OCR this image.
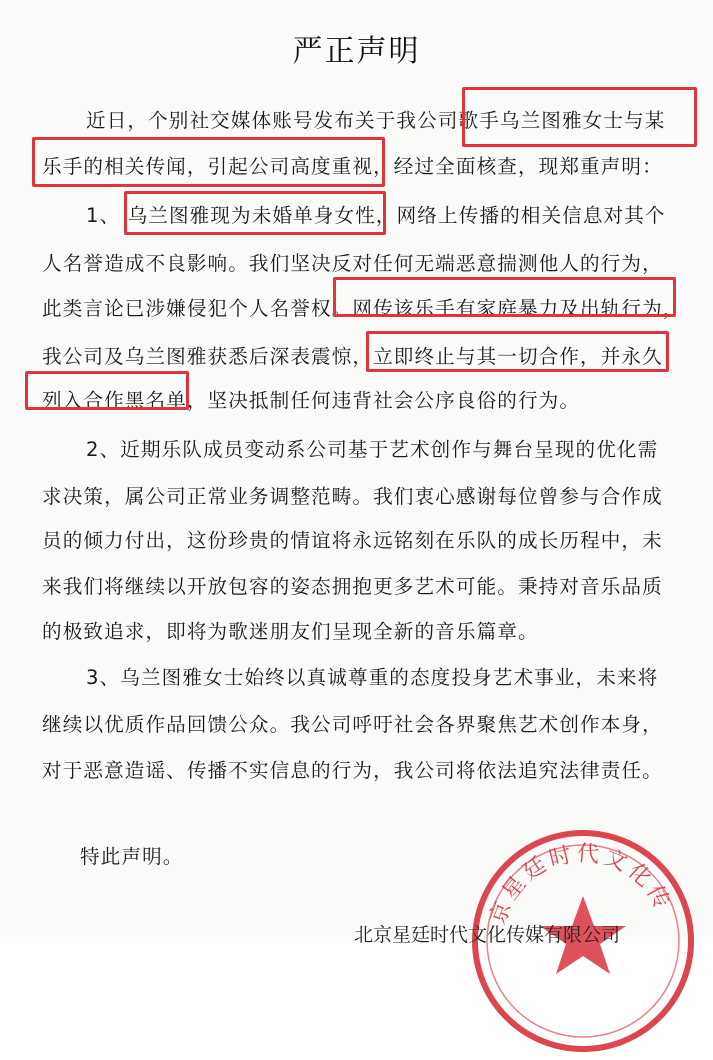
严正声明
近日，个别社交媒体账号发布关于我公司歌手乌兰图雅女士与某
乐手的相关传闻，引起公司高度重视，经过全面核查，现郑重声明：
1、 乌兰图雅现为未婚单身女性，网络上传播的相关信息对其个
人名誉造成不良影响。我们坚决反对任何无端恶意揣测他人的行为，
此类言论已涉嫌侵犯个人名誉权。网传该乐手有家庭暴力及出轨行为，
我公司及乌兰图雅获悉后深表震惊，立即终止与其一切合作，并永久
列入合作黑名单，坚决抵制任何违背社会公序良俗的行为。
2、近期乐队成员变动系公司基于艺术创作与舞台呈现的优化需
求决策，属公司正常业务调整范畴。我们衷心感谢每位曾参与合作成
员的倾力付出，这份珍贵的情谊将永远铭刻在乐队的成长历程中，未
来我们将继续以开放包容的姿态拥抱更多艺术可能。秉持对音乐品质
的极致追求，即将为歌迷朋友们呈现全新的音乐篇章。
3、乌兰图雅女士始终以真诚尊重的态度投身艺术事业，未来将
继续以优质作品回馈公众。我公司呼吁社会各界聚焦艺术创作本身，
对于恶意造谣、传播不实信息的行为，我公司将依法追究法律责任。
特此声明。
京星廷时代文化传
北京星廷时代文化传媒有限公司
